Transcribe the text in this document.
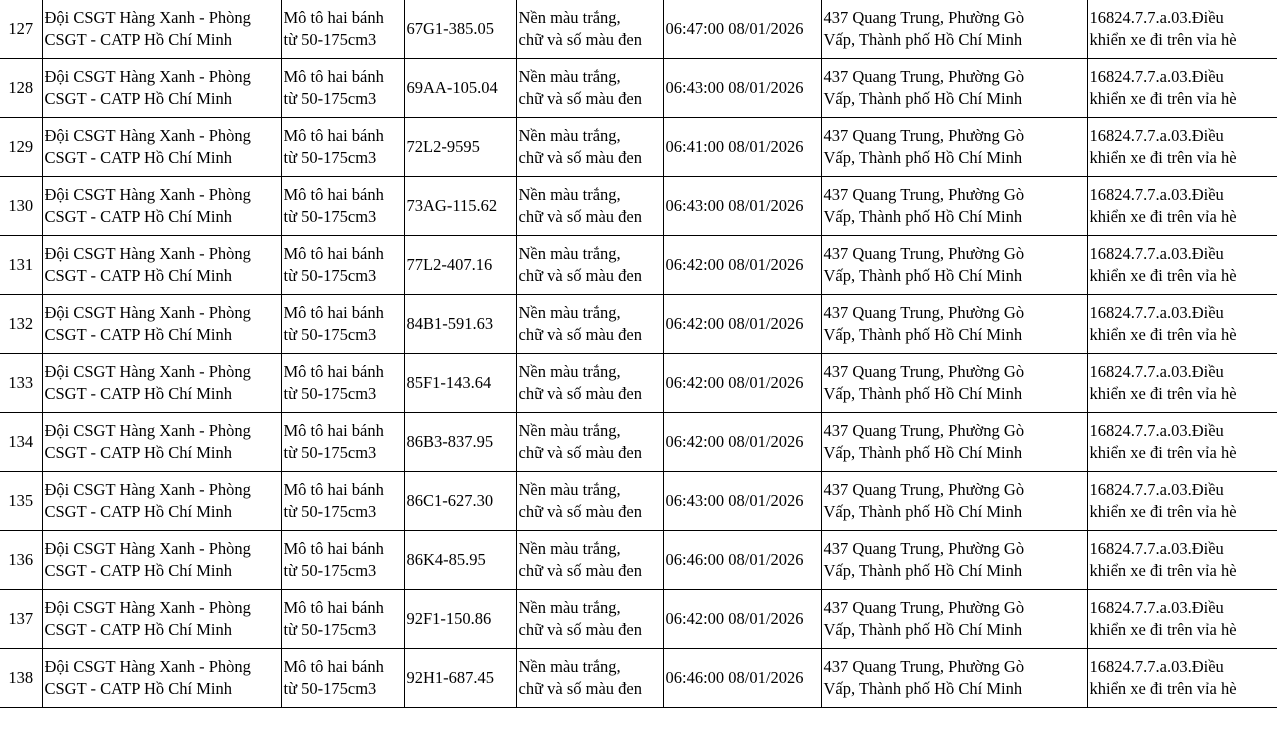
127	Đội CSGT Hàng Xanh - Phòng
CSGT - CATP Hồ Chí Minh	Mô tô hai bánh
từ 50-175cm3	67G1-385.05	Nền màu trắng,
chữ và số màu đen	06:47:00 08/01/2026	437 Quang Trung, Phường Gò
Vấp, Thành phố Hồ Chí Minh	16824.7.7.a.03.Điều
khiển xe đi trên vỉa hè

128	Đội CSGT Hàng Xanh - Phòng
CSGT - CATP Hồ Chí Minh	Mô tô hai bánh
từ 50-175cm3	69AA-105.04	Nền màu trắng,
chữ và số màu đen	06:43:00 08/01/2026	437 Quang Trung, Phường Gò
Vấp, Thành phố Hồ Chí Minh	16824.7.7.a.03.Điều
khiển xe đi trên vỉa hè

129	Đội CSGT Hàng Xanh - Phòng
CSGT - CATP Hồ Chí Minh	Mô tô hai bánh
từ 50-175cm3	72L2-9595	Nền màu trắng,
chữ và số màu đen	06:41:00 08/01/2026	437 Quang Trung, Phường Gò
Vấp, Thành phố Hồ Chí Minh	16824.7.7.a.03.Điều
khiển xe đi trên vỉa hè

130	Đội CSGT Hàng Xanh - Phòng
CSGT - CATP Hồ Chí Minh	Mô tô hai bánh
từ 50-175cm3	73AG-115.62	Nền màu trắng,
chữ và số màu đen	06:43:00 08/01/2026	437 Quang Trung, Phường Gò
Vấp, Thành phố Hồ Chí Minh	16824.7.7.a.03.Điều
khiển xe đi trên vỉa hè

131	Đội CSGT Hàng Xanh - Phòng
CSGT - CATP Hồ Chí Minh	Mô tô hai bánh
từ 50-175cm3	77L2-407.16	Nền màu trắng,
chữ và số màu đen	06:42:00 08/01/2026	437 Quang Trung, Phường Gò
Vấp, Thành phố Hồ Chí Minh	16824.7.7.a.03.Điều
khiển xe đi trên vỉa hè

132	Đội CSGT Hàng Xanh - Phòng
CSGT - CATP Hồ Chí Minh	Mô tô hai bánh
từ 50-175cm3	84B1-591.63	Nền màu trắng,
chữ và số màu đen	06:42:00 08/01/2026	437 Quang Trung, Phường Gò
Vấp, Thành phố Hồ Chí Minh	16824.7.7.a.03.Điều
khiển xe đi trên vỉa hè

133	Đội CSGT Hàng Xanh - Phòng
CSGT - CATP Hồ Chí Minh	Mô tô hai bánh
từ 50-175cm3	85F1-143.64	Nền màu trắng,
chữ và số màu đen	06:42:00 08/01/2026	437 Quang Trung, Phường Gò
Vấp, Thành phố Hồ Chí Minh	16824.7.7.a.03.Điều
khiển xe đi trên vỉa hè

134	Đội CSGT Hàng Xanh - Phòng
CSGT - CATP Hồ Chí Minh	Mô tô hai bánh
từ 50-175cm3	86B3-837.95	Nền màu trắng,
chữ và số màu đen	06:42:00 08/01/2026	437 Quang Trung, Phường Gò
Vấp, Thành phố Hồ Chí Minh	16824.7.7.a.03.Điều
khiển xe đi trên vỉa hè

135	Đội CSGT Hàng Xanh - Phòng
CSGT - CATP Hồ Chí Minh	Mô tô hai bánh
từ 50-175cm3	86C1-627.30	Nền màu trắng,
chữ và số màu đen	06:43:00 08/01/2026	437 Quang Trung, Phường Gò
Vấp, Thành phố Hồ Chí Minh	16824.7.7.a.03.Điều
khiển xe đi trên vỉa hè

136	Đội CSGT Hàng Xanh - Phòng
CSGT - CATP Hồ Chí Minh	Mô tô hai bánh
từ 50-175cm3	86K4-85.95	Nền màu trắng,
chữ và số màu đen	06:46:00 08/01/2026	437 Quang Trung, Phường Gò
Vấp, Thành phố Hồ Chí Minh	16824.7.7.a.03.Điều
khiển xe đi trên vỉa hè

137	Đội CSGT Hàng Xanh - Phòng
CSGT - CATP Hồ Chí Minh	Mô tô hai bánh
từ 50-175cm3	92F1-150.86	Nền màu trắng,
chữ và số màu đen	06:42:00 08/01/2026	437 Quang Trung, Phường Gò
Vấp, Thành phố Hồ Chí Minh	16824.7.7.a.03.Điều
khiển xe đi trên vỉa hè

138	Đội CSGT Hàng Xanh - Phòng
CSGT - CATP Hồ Chí Minh	Mô tô hai bánh
từ 50-175cm3	92H1-687.45	Nền màu trắng,
chữ và số màu đen	06:46:00 08/01/2026	437 Quang Trung, Phường Gò
Vấp, Thành phố Hồ Chí Minh	16824.7.7.a.03.Điều
khiển xe đi trên vỉa hè
